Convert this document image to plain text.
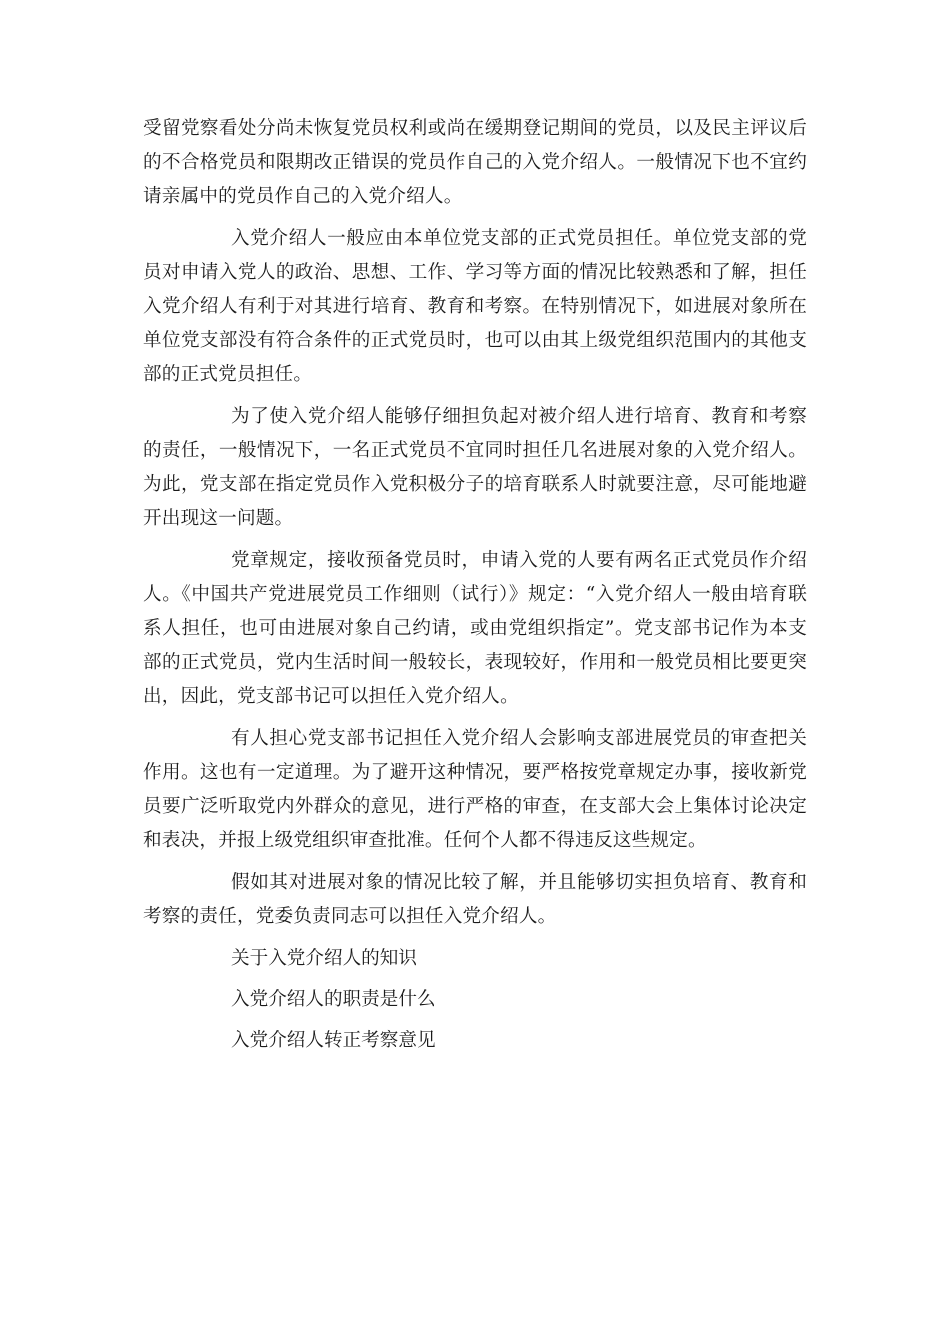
受留党察看处分尚未恢复党员权利或尚在缓期登记期间的党员，以及民主评议后的不合格党员和限期改正错误的党员作自己的入党介绍人。一般情况下也不宜约请亲属中的党员作自己的入党介绍人。

入党介绍人一般应由本单位党支部的正式党员担任。单位党支部的党员对申请入党人的政治、思想、工作、学习等方面的情况比较熟悉和了解，担任入党介绍人有利于对其进行培育、教育和考察。在特别情况下，如进展对象所在单位党支部没有符合条件的正式党员时，也可以由其上级党组织范围内的其他支部的正式党员担任。

为了使入党介绍人能够仔细担负起对被介绍人进行培育、教育和考察的责任，一般情况下，一名正式党员不宜同时担任几名进展对象的入党介绍人。为此，党支部在指定党员作入党积极分子的培育联系人时就要注意，尽可能地避开出现这一问题。

党章规定，接收预备党员时，申请入党的人要有两名正式党员作介绍人。《中国共产党进展党员工作细则（试行）》规定：“入党介绍人一般由培育联系人担任，也可由进展对象自己约请，或由党组织指定”。党支部书记作为本支部的正式党员，党内生活时间一般较长，表现较好，作用和一般党员相比要更突出，因此，党支部书记可以担任入党介绍人。

有人担心党支部书记担任入党介绍人会影响支部进展党员的审查把关作用。这也有一定道理。为了避开这种情况，要严格按党章规定办事，接收新党员要广泛听取党内外群众的意见，进行严格的审查，在支部大会上集体讨论决定和表决，并报上级党组织审查批准。任何个人都不得违反这些规定。

假如其对进展对象的情况比较了解，并且能够切实担负培育、教育和考察的责任，党委负责同志可以担任入党介绍人。

关于入党介绍人的知识
入党介绍人的职责是什么
入党介绍人转正考察意见
